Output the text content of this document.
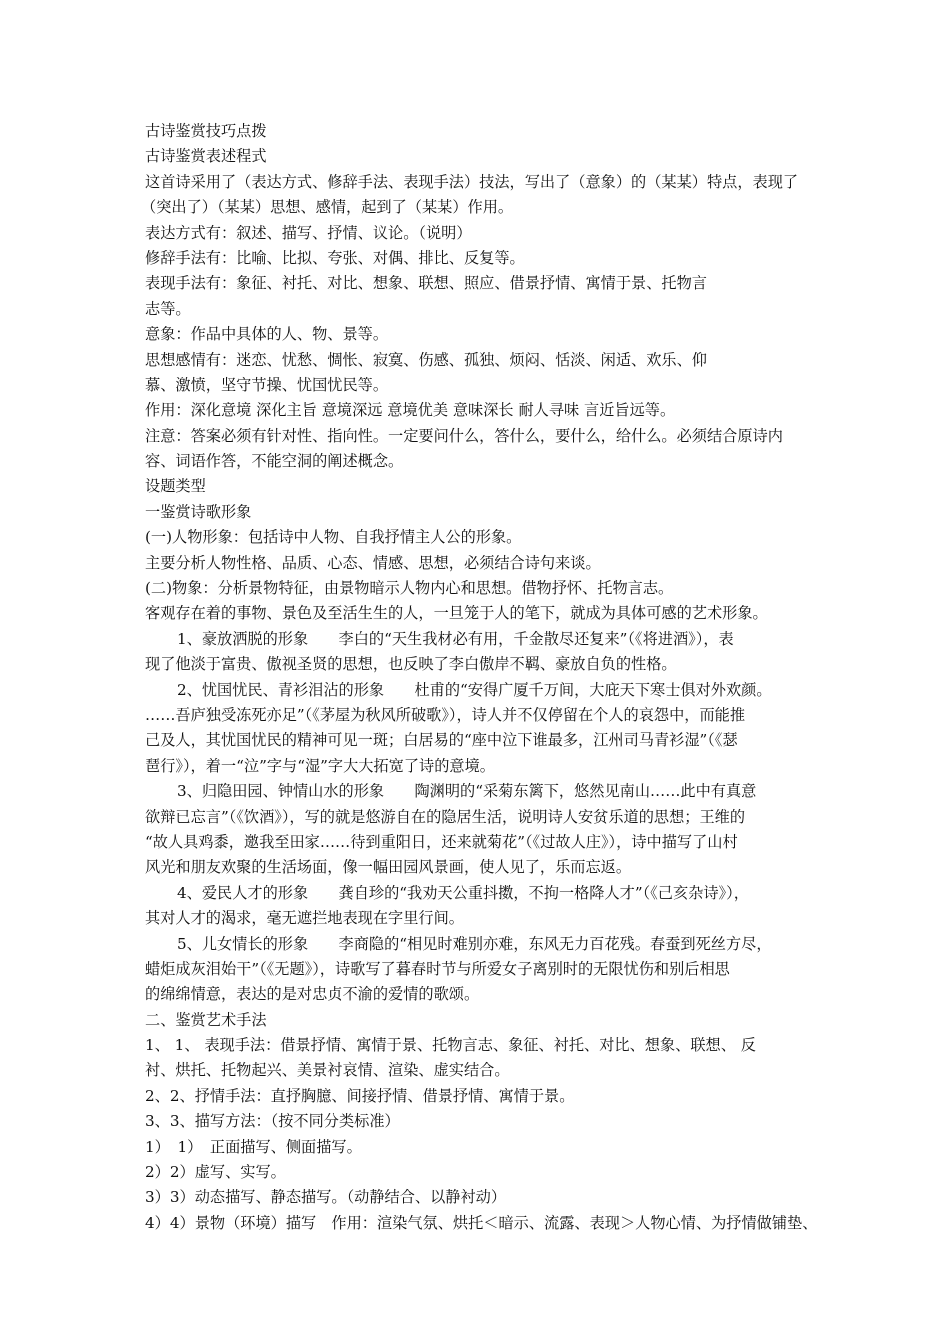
古诗鉴赏技巧点拨
古诗鉴赏表述程式
这首诗采用了（表达方式、修辞手法、表现手法）技法，写出了（意象）的（某某）特点，表现了
（突出了）（某某）思想、感情，起到了（某某）作用。
表达方式有：叙述、描写、抒情、议论。（说明）
修辞手法有：比喻、比拟、夸张、对偶、排比、反复等。
表现手法有：象征、衬托、对比、想象、联想、照应、借景抒情、寓情于景、托物言
志等。
意象：作品中具体的人、物、景等。
思想感情有：迷恋、忧愁、惆怅、寂寞、伤感、孤独、烦闷、恬淡、闲适、欢乐、仰
慕、激愤，坚守节操、忧国忧民等。
作用：深化意境 深化主旨 意境深远 意境优美 意味深长 耐人寻味 言近旨远等。
注意：答案必须有针对性、指向性。一定要问什么，答什么，要什么，给什么。必须结合原诗内
容、词语作答，不能空洞的阐述概念。
设题类型
一鉴赏诗歌形象
(一)人物形象：包括诗中人物、自我抒情主人公的形象。
主要分析人物性格、品质、心态、情感、思想，必须结合诗句来谈。
(二)物象：分析景物特征，由景物暗示人物内心和思想。借物抒怀、托物言志。
客观存在着的事物、景色及至活生生的人，一旦笼于人的笔下，就成为具体可感的艺术形象。
1、豪放洒脱的形象　　李白的“天生我材必有用，千金散尽还复来”（《将进酒》），表
现了他淡于富贵、傲视圣贤的思想，也反映了李白傲岸不羁、豪放自负的性格。
2、忧国忧民、青衫泪沾的形象　　杜甫的“安得广厦千万间，大庇天下寒士俱对外欢颜。
……吾庐独受冻死亦足”（《茅屋为秋风所破歌》），诗人并不仅停留在个人的哀怨中，而能推
己及人，其忧国忧民的精神可见一斑；白居易的“座中泣下谁最多，江州司马青衫湿”（《瑟
琶行》），着一“泣”字与“湿”字大大拓宽了诗的意境。
3、归隐田园、钟情山水的形象　　陶渊明的“采菊东篱下，悠然见南山……此中有真意
欲辩已忘言”（《饮酒》），写的就是悠游自在的隐居生活，说明诗人安贫乐道的思想；王维的
“故人具鸡黍，邀我至田家……待到重阳日，还来就菊花”（《过故人庄》），诗中描写了山村
风光和朋友欢聚的生活场面，像一幅田园风景画，使人见了，乐而忘返。
4、爱民人才的形象　　龚自珍的“我劝天公重抖擞，不拘一格降人才”（《己亥杂诗》），
其对人才的渴求，毫无遮拦地表现在字里行间。
5、儿女情长的形象　　李商隐的“相见时难别亦难，东风无力百花残。春蚕到死丝方尽，
蜡炬成灰泪始干”（《无题》），诗歌写了暮春时节与所爱女子离别时的无限忧伤和别后相思
的绵绵情意，表达的是对忠贞不渝的爱情的歌颂。
二、鉴赏艺术手法
1、 1、 表现手法：借景抒情、寓情于景、托物言志、象征、衬托、对比、想象、联想、 反
衬、烘托、托物起兴、美景衬哀情、渲染、虚实结合。
2、2、抒情手法：直抒胸臆、间接抒情、借景抒情、寓情于景。
3、3、描写方法：（按不同分类标准）
1）　1）　正面描写、侧面描写。
2）2）虚写、实写。
3）3）动态描写、静态描写。（动静结合、以静衬动）
4）4）景物（环境）描写　作用：渲染气氛、烘托＜暗示、流露、表现＞人物心情、为抒情做铺垫、
